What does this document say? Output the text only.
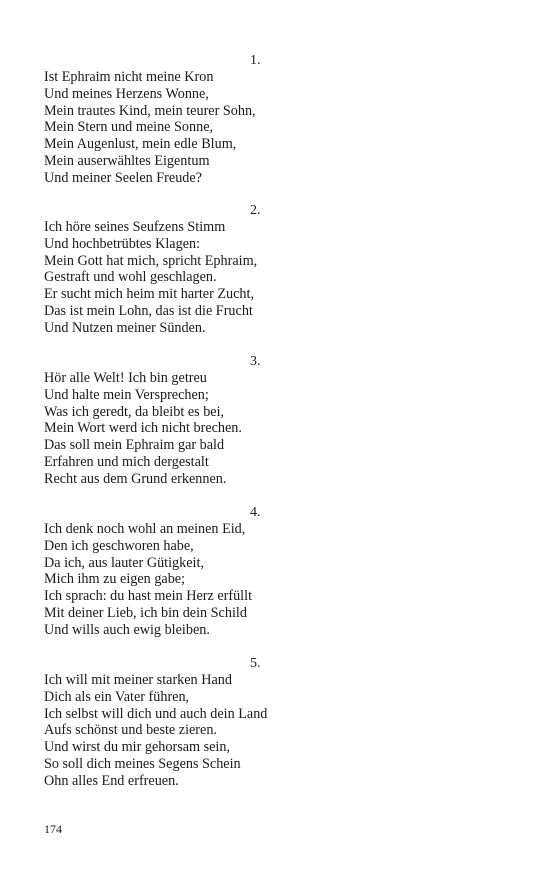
1.
Ist Ephraim nicht meine Kron
Und meines Herzens Wonne,
Mein trautes Kind, mein teurer Sohn,
Mein Stern und meine Sonne,
Mein Augenlust, mein edle Blum,
Mein auserwähltes Eigentum
Und meiner Seelen Freude?
2.
Ich höre seines Seufzens Stimm
Und hochbetrübtes Klagen:
Mein Gott hat mich, spricht Ephraim,
Gestraft und wohl geschlagen.
Er sucht mich heim mit harter Zucht,
Das ist mein Lohn, das ist die Frucht
Und Nutzen meiner Sünden.
3.
Hör alle Welt! Ich bin getreu
Und halte mein Versprechen;
Was ich geredt, da bleibt es bei,
Mein Wort werd ich nicht brechen.
Das soll mein Ephraim gar bald
Erfahren und mich dergestalt
Recht aus dem Grund erkennen.
4.
Ich denk noch wohl an meinen Eid,
Den ich geschworen habe,
Da ich, aus lauter Gütigkeit,
Mich ihm zu eigen gabe;
Ich sprach: du hast mein Herz erfüllt
Mit deiner Lieb, ich bin dein Schild
Und wills auch ewig bleiben.
5.
Ich will mit meiner starken Hand
Dich als ein Vater führen,
Ich selbst will dich und auch dein Land
Aufs schönst und beste zieren.
Und wirst du mir gehorsam sein,
So soll dich meines Segens Schein
Ohn alles End erfreuen.
174
